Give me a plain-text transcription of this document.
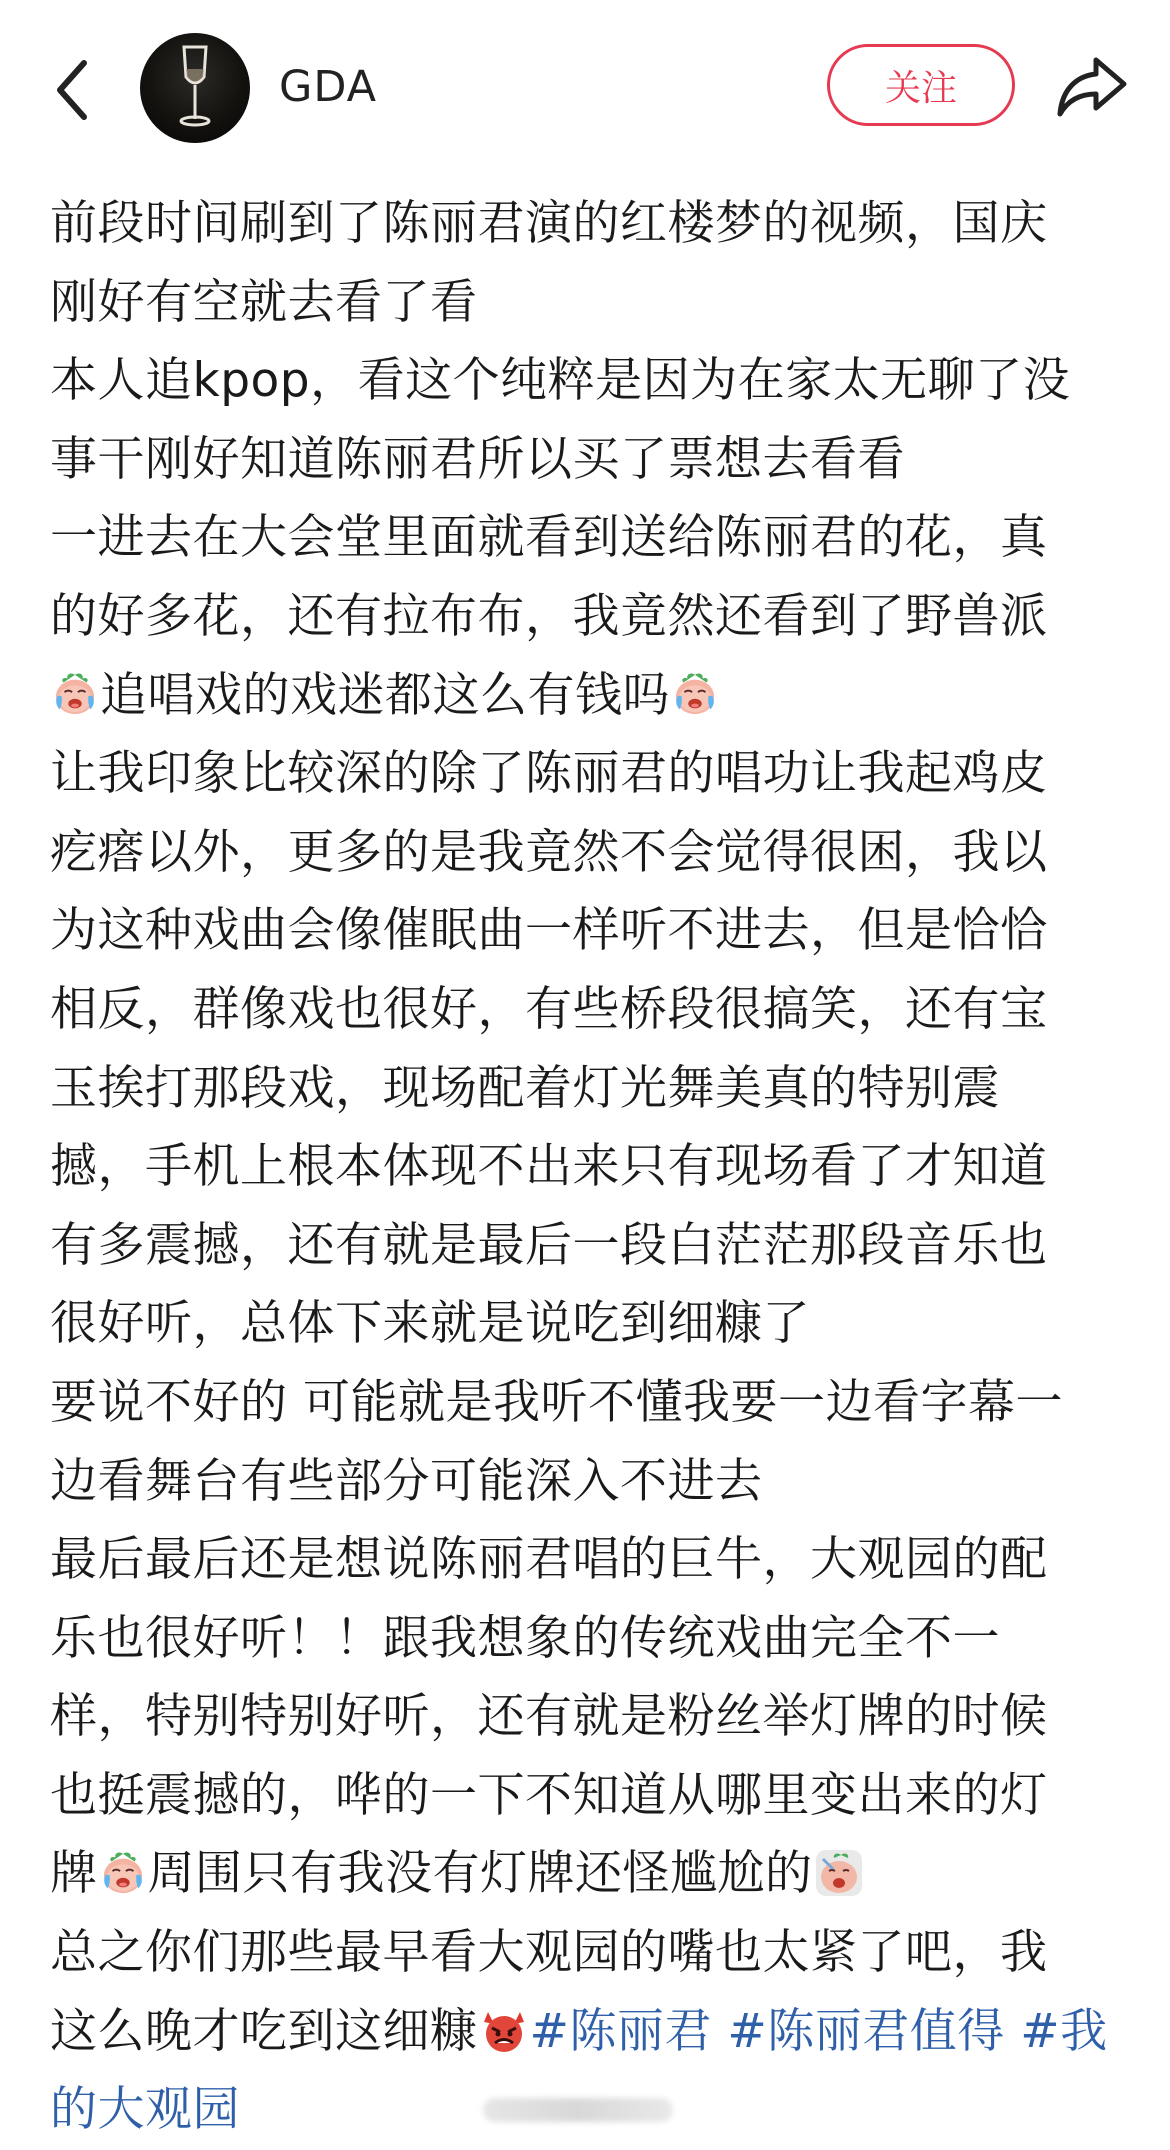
GDA	关注
前段时间刷到了陈丽君演的红楼梦的视频，国庆
刚好有空就去看了看
本人追kpop，看这个纯粹是因为在家太无聊了没
事干刚好知道陈丽君所以买了票想去看看
一进去在大会堂里面就看到送给陈丽君的花，真
的好多花，还有拉布布，我竟然还看到了野兽派
追唱戏的戏迷都这么有钱吗
让我印象比较深的除了陈丽君的唱功让我起鸡皮
疙瘩以外，更多的是我竟然不会觉得很困，我以
为这种戏曲会像催眠曲一样听不进去，但是恰恰
相反，群像戏也很好，有些桥段很搞笑，还有宝
玉挨打那段戏，现场配着灯光舞美真的特别震
撼，手机上根本体现不出来只有现场看了才知道
有多震撼，还有就是最后一段白茫茫那段音乐也
很好听，总体下来就是说吃到细糠了
要说不好的 可能就是我听不懂我要一边看字幕一
边看舞台有些部分可能深入不进去
最后最后还是想说陈丽君唱的巨牛，大观园的配
乐也很好听！！跟我想象的传统戏曲完全不一
样，特别特别好听，还有就是粉丝举灯牌的时候
也挺震撼的，哗的一下不知道从哪里变出来的灯
牌 周围只有我没有灯牌还怪尴尬的
总之你们那些最早看大观园的嘴也太紧了吧，我
这么晚才吃到这细糠 #陈丽君 #陈丽君值得 #我
的大观园
